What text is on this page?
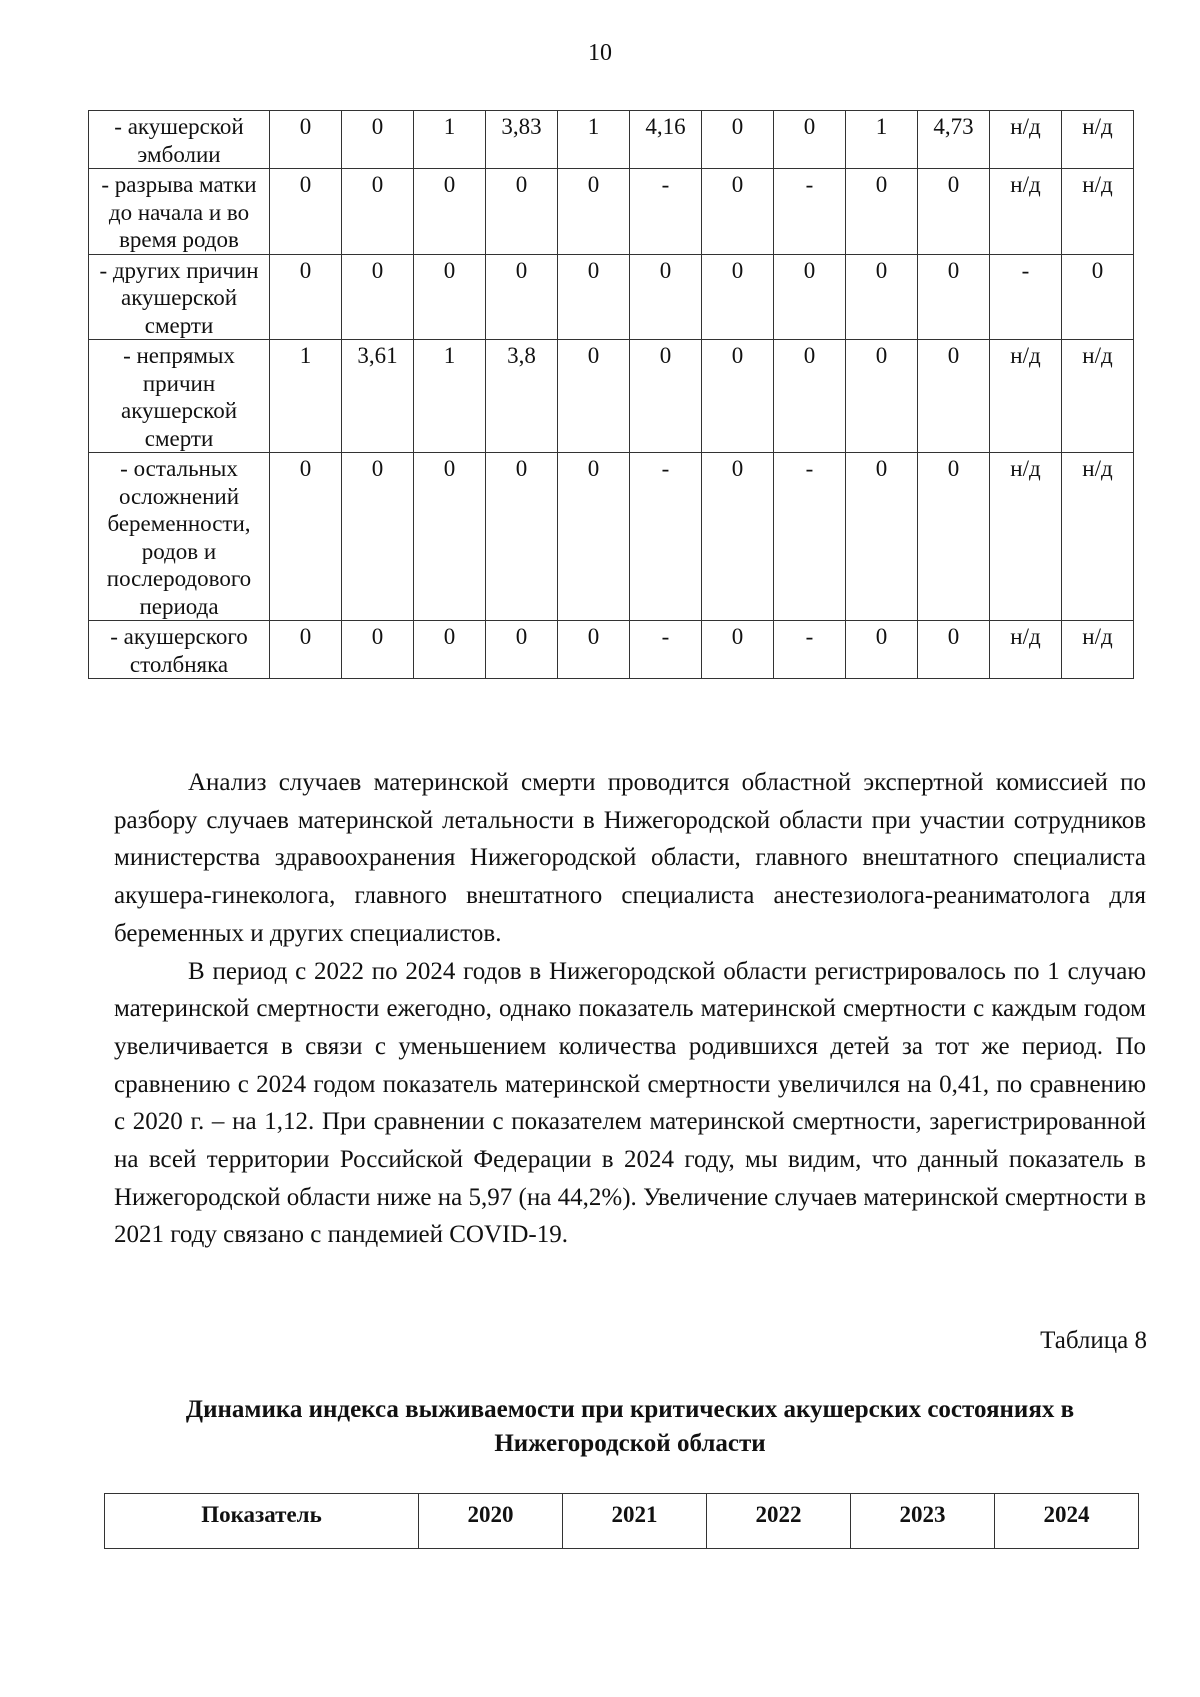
10
- акушерской эмболии	0	0	1	3,83	1	4,16	0	0	1	4,73	н/д	н/д
- разрыва матки до начала и во время родов	0	0	0	0	0	-	0	-	0	0	н/д	н/д
- других причин акушерской смерти	0	0	0	0	0	0	0	0	0	0	-	0
- непрямых причин акушерской смерти	1	3,61	1	3,8	0	0	0	0	0	0	н/д	н/д
- остальных осложнений беременности, родов и послеродового периода	0	0	0	0	0	-	0	-	0	0	н/д	н/д
- акушерского столбняка	0	0	0	0	0	-	0	-	0	0	н/д	н/д

Анализ случаев материнской смерти проводится областной экспертной комиссией по разбору случаев материнской летальности в Нижегородской области при участии сотрудников министерства здравоохранения Нижегородской области, главного внештатного специалиста акушера-гинеколога, главного внештатного специалиста анестезиолога-реаниматолога для беременных и других специалистов.

В период с 2022 по 2024 годов в Нижегородской области регистрировалось по 1 случаю материнской смертности ежегодно, однако показатель материнской смертности с каждым годом увеличивается в связи с уменьшением количества родившихся детей за тот же период. По сравнению с 2024 годом показатель материнской смертности увеличился на 0,41, по сравнению с 2020 г. – на 1,12. При сравнении с показателем материнской смертности, зарегистрированной на всей территории Российской Федерации в 2024 году, мы видим, что данный показатель в Нижегородской области ниже на 5,97 (на 44,2%). Увеличение случаев материнской смертности в 2021 году связано с пандемией COVID-19.

Таблица 8
Динамика индекса выживаемости при критических акушерских состояниях в Нижегородской области
Показатель	2020	2021	2022	2023	2024
